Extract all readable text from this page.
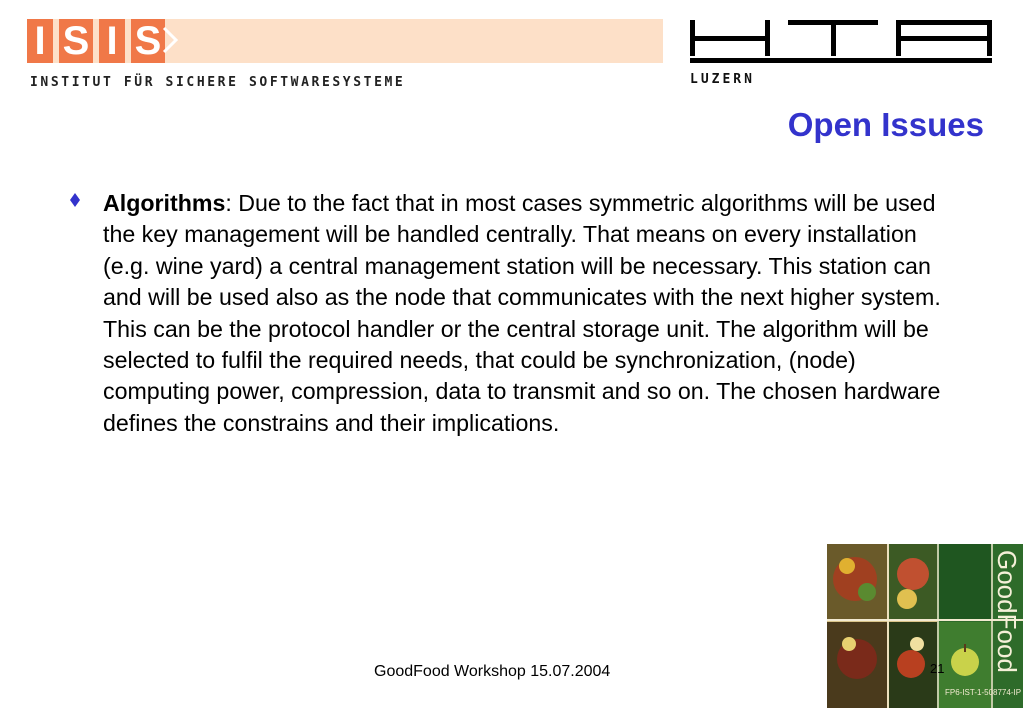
I S I S
INSTITUT FÜR SICHERE SOFTWARESYSTEME	LUZERN
Open Issues
Algorithms: Due to the fact that in most cases symmetric algorithms will be used the key management will be handled centrally. That means on every installation (e.g. wine yard) a central management station will be necessary. This station can and will be used also as the node that communicates with the next higher system. This can be the protocol handler or the central storage unit. The algorithm will be selected to fulfil the required needs, that could be synchronization, (node) computing power, compression, data to transmit and so on. The chosen hardware defines the constrains and their implications.
GoodFood
FP6-IST-1-508774-IP
GoodFood Workshop 15.07.2004	21
